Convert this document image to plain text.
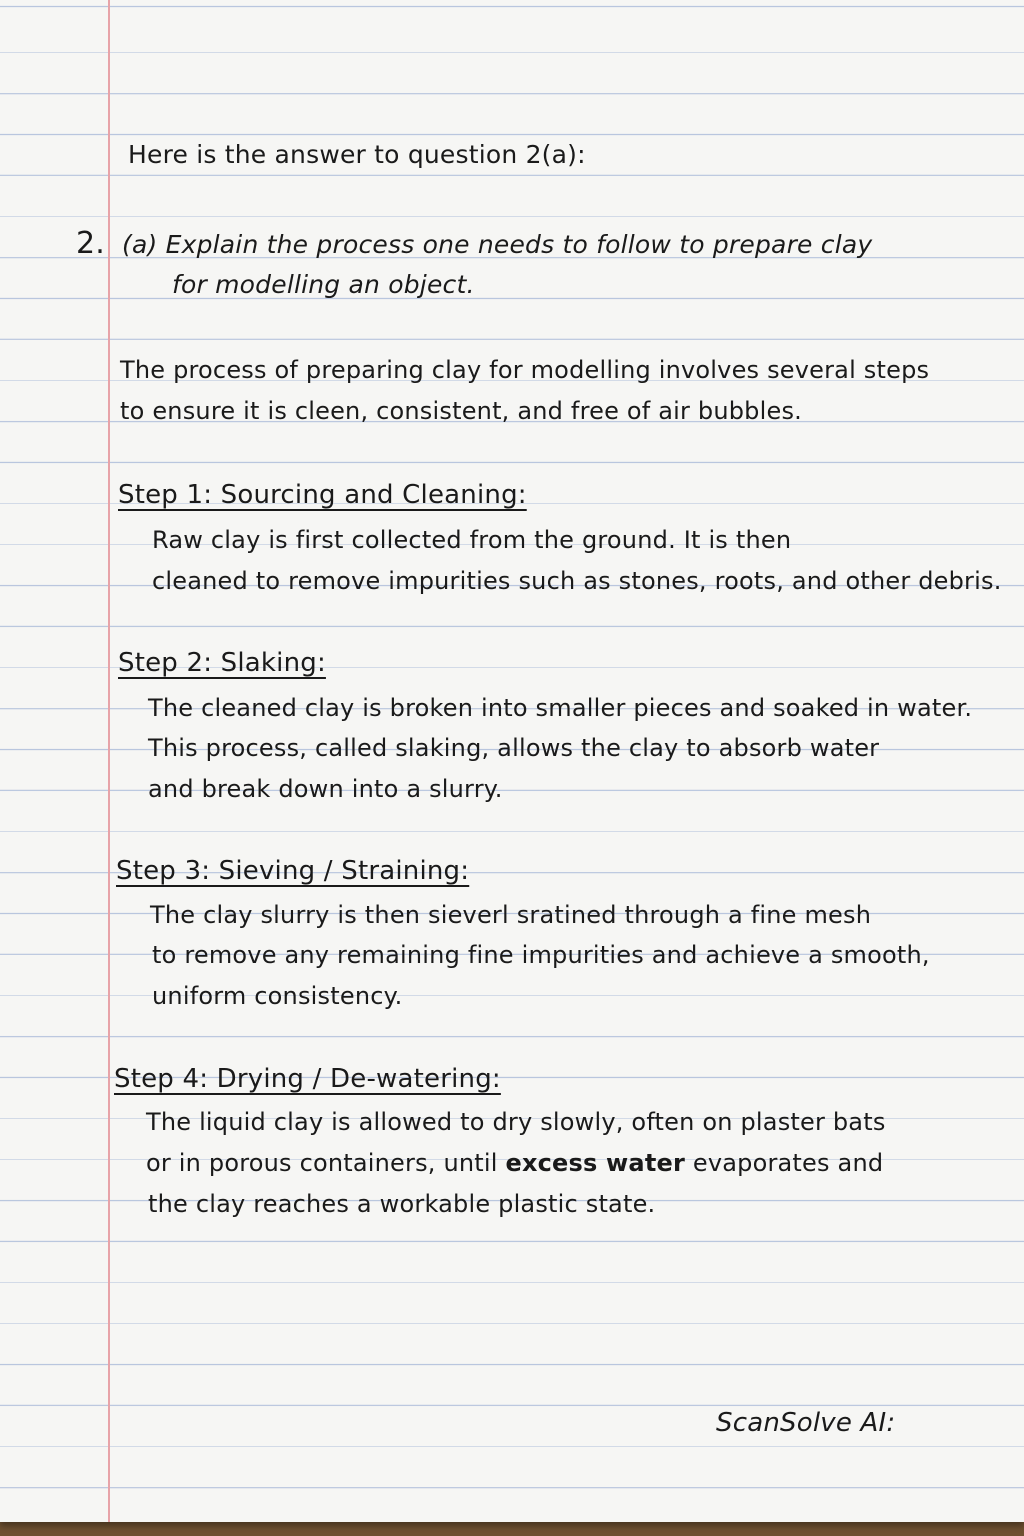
Here is the answer to question 2(a):
2. (a) Explain the process one needs to follow to prepare clay
for modelling an object.
The process of preparing clay for modelling involves several steps
to ensure it is cleen, consistent, and free of air bubbles.
Step 1: Sourcing and Cleaning:
Raw clay is first collected from the ground. It is then
cleaned to remove impurities such as stones, roots, and other debris.
Step 2: Slaking:
The cleaned clay is broken into smaller pieces and soaked in water.
This process, called slaking, allows the clay to absorb water
and break down into a slurry.
Step 3: Sieving / Straining:
The clay slurry is then sieverl sratined through a fine mesh
to remove any remaining fine impurities and achieve a smooth,
uniform consistency.
Step 4: Drying / De-watering:
The liquid clay is allowed to dry slowly, often on plaster bats
or in porous containers, until excess water evaporates and
the clay reaches a workable plastic state.
ScanSolve AI:
